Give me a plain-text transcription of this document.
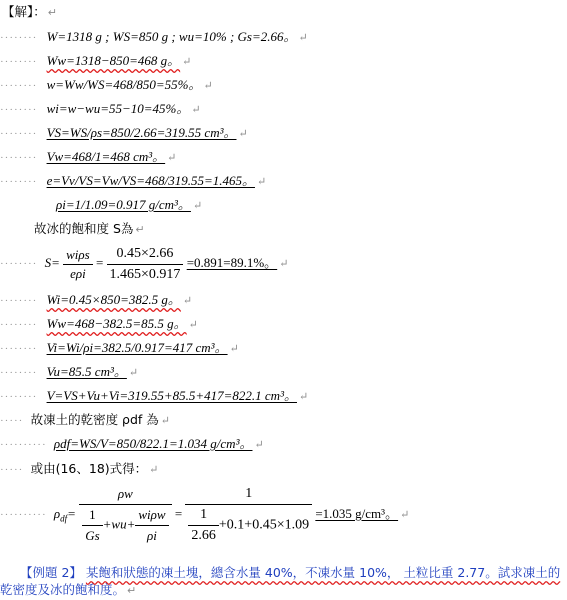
【解】： ↵
········ W=1318 g ; WS=850 g ; wu=10% ; Gs=2.66。 ↵
········ Ww=1318−850=468 g。 ↵
········ w=Ww/WS=468/850=55%。 ↵
········ wi=w−wu=55−10=45%。 ↵
········ VS=WS/ρs=850/2.66=319.55 cm³。 ↵
········ Vw=468/1=468 cm³。 ↵
········ e=Vv/VS=Vw/VS=468/319.55=1.465。 ↵
ρi=1/1.09=0.917 g/cm³。 ↵
故冰的飽和度 S為 ↵
········ $S= \frac{\text{wiρs}}{\text{eρi}} = \frac{0.45\times 2.66}{1.465\times 0.917} =0.891=89.1\%$。 ↵
········ Wi=0.45×850=382.5 g。 ↵
········ Ww=468−382.5=85.5 g。 ↵
········ Vi=Wi/ρi=382.5/0.917=417 cm³。 ↵
········ Vu=85.5 cm³。 ↵
········ V=VS+Vu+Vi=319.55+85.5+417=822.1 cm³。 ↵
····· 故凍土的乾密度 ρdf 為 ↵
·········· ρdf=WS/V=850/822.1=1.034 g/cm³。 ↵
····· 或由(16、18)式得： ↵
·········· $\rho_{df}= \frac{\rho w}{\frac{1}{Gs} +wu+ \frac{\text{wiρw}}{\rho i}} = \frac{1}{\frac{1}{2.66} +0.1+0.45\times 1.09} =1.035$ g/cm³。 ↵
【例題 2】 某飽和狀態的凍土塊，總含水量 40%，不凍水量 10%， 土粒比重 2.77。試求凍土的
乾密度及冰的飽和度。 ↵
